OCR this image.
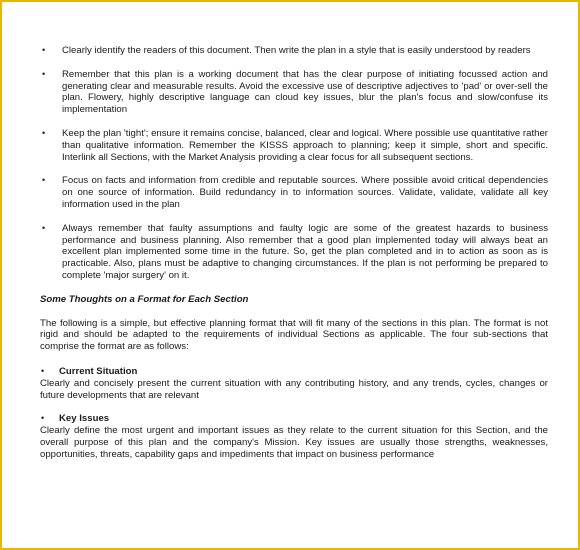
• Clearly identify the readers of this document. Then write the plan in a style that is easily understood by readers
• Remember that this plan is a working document that has the clear purpose of initiating focussed action and generating clear and measurable results. Avoid the excessive use of descriptive adjectives to 'pad' or over-sell the plan. Flowery, highly descriptive language can cloud key issues, blur the plan's focus and slow/confuse its implementation
• Keep the plan 'tight'; ensure it remains concise, balanced, clear and logical. Where possible use quantitative rather than qualitative information. Remember the KISSS approach to planning; keep it simple, short and specific. Interlink all Sections, with the Market Analysis providing a clear focus for all subsequent sections.
• Focus on facts and information from credible and reputable sources. Where possible avoid critical dependencies on one source of information. Build redundancy in to information sources. Validate, validate, validate all key information used in the plan
• Always remember that faulty assumptions and faulty logic are some of the greatest hazards to business performance and business planning. Also remember that a good plan implemented today will always beat an excellent plan implemented some time in the future. So, get the plan completed and in to action as soon as is practicable. Also, plans must be adaptive to changing circumstances. If the plan is not performing be prepared to complete 'major surgery' on it.
Some Thoughts on a Format for Each Section

The following is a simple, but effective planning format that will fit many of the sections in this plan. The format is not rigid and should be adapted to the requirements of individual Sections as applicable. The four sub-sections that comprise the format are as follows:

• Current Situation

Clearly and concisely present the current situation with any contributing history, and any trends, cycles, changes or future developments that are relevant

• Key Issues

Clearly define the most urgent and important issues as they relate to the current situation for this Section, and the overall purpose of this plan and the company's Mission. Key issues are usually those strengths, weaknesses, opportunities, threats, capability gaps and impediments that impact on business performance
